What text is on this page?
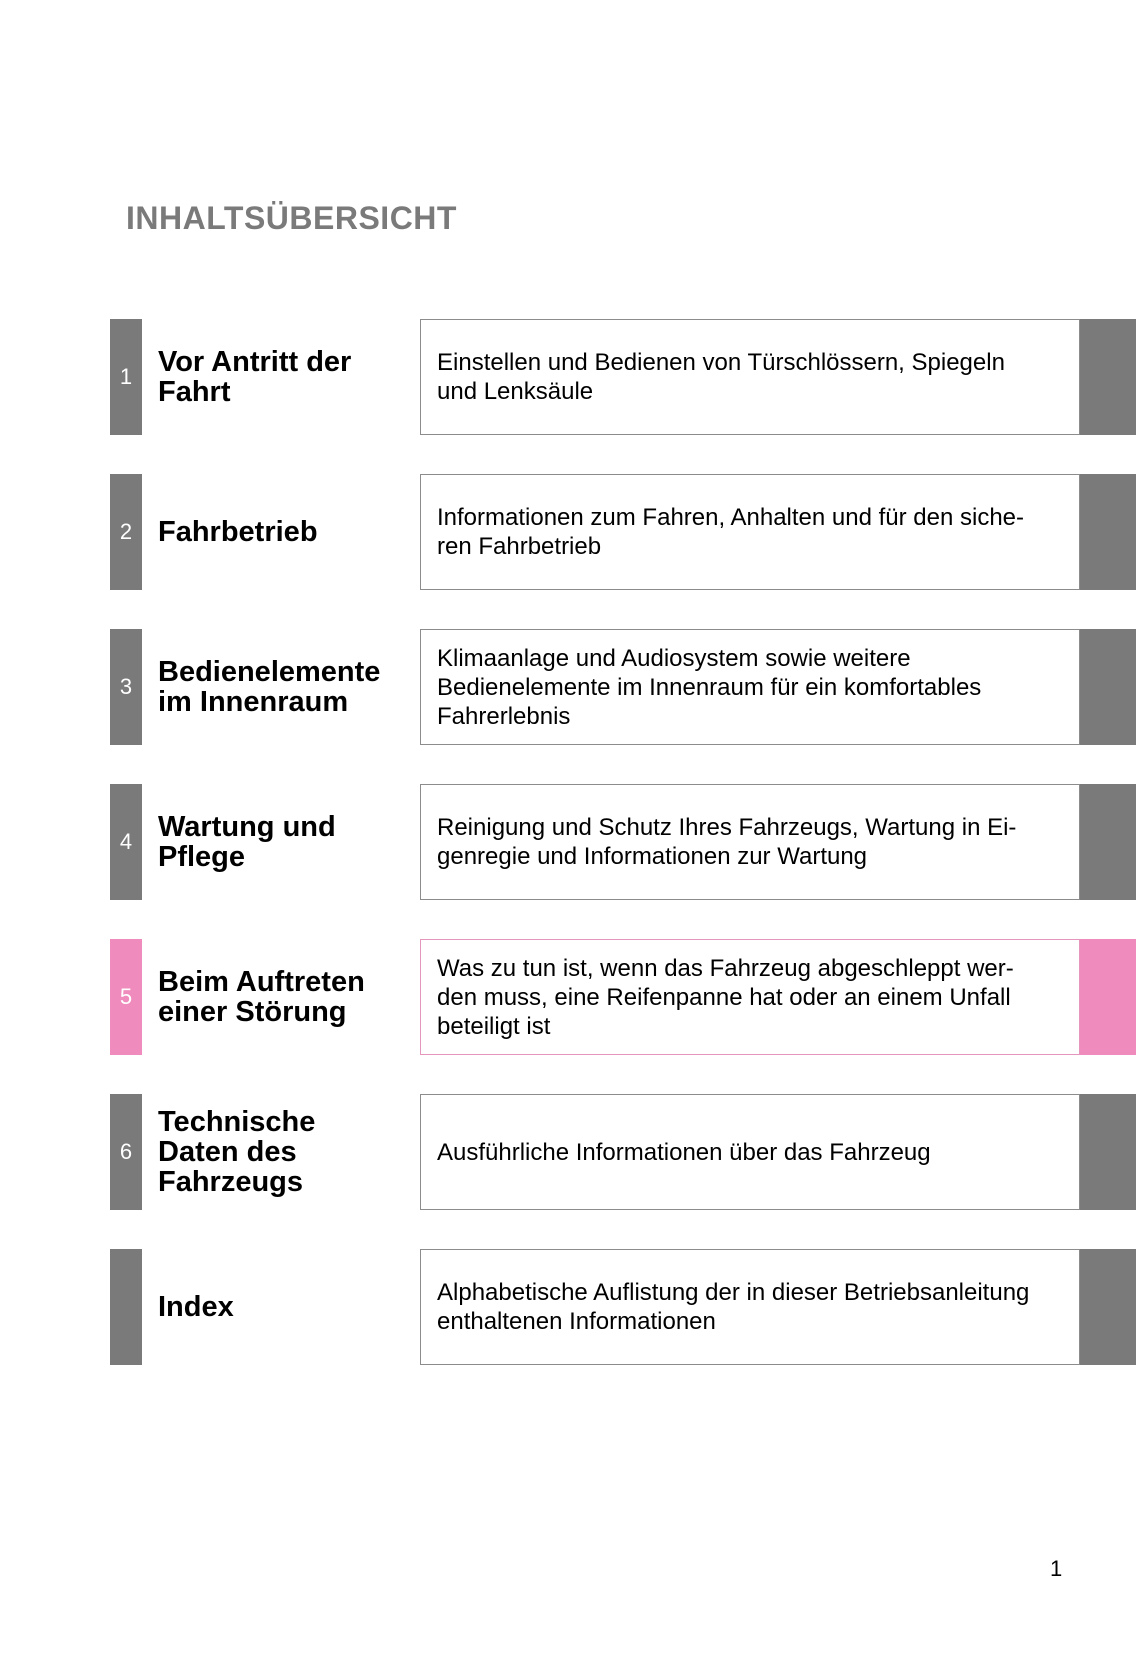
INHALTSÜBERSICHT
1 Vor Antritt der
Fahrt
Einstellen und Bedienen von Türschlössern, Spiegeln
und Lenksäule
2 Fahrbetrieb	Informationen zum Fahren, Anhalten und für den siche-
ren Fahrbetrieb
3 Bedienelemente
im Innenraum
Klimaanlage und Audiosystem sowie weitere
Bedienelemente im Innenraum für ein komfortables
Fahrerlebnis
4 Wartung und
Pflege
Reinigung und Schutz Ihres Fahrzeugs, Wartung in Ei-
genregie und Informationen zur Wartung
5 Beim Auftreten
einer Störung
Was zu tun ist, wenn das Fahrzeug abgeschleppt wer-
den muss, eine Reifenpanne hat oder an einem Unfall
beteiligt ist
6
Technische
Daten des
Fahrzeugs
Ausführliche Informationen über das Fahrzeug
Index	Alphabetische Auflistung der in dieser Betriebsanleitung
enthaltenen Informationen
1
